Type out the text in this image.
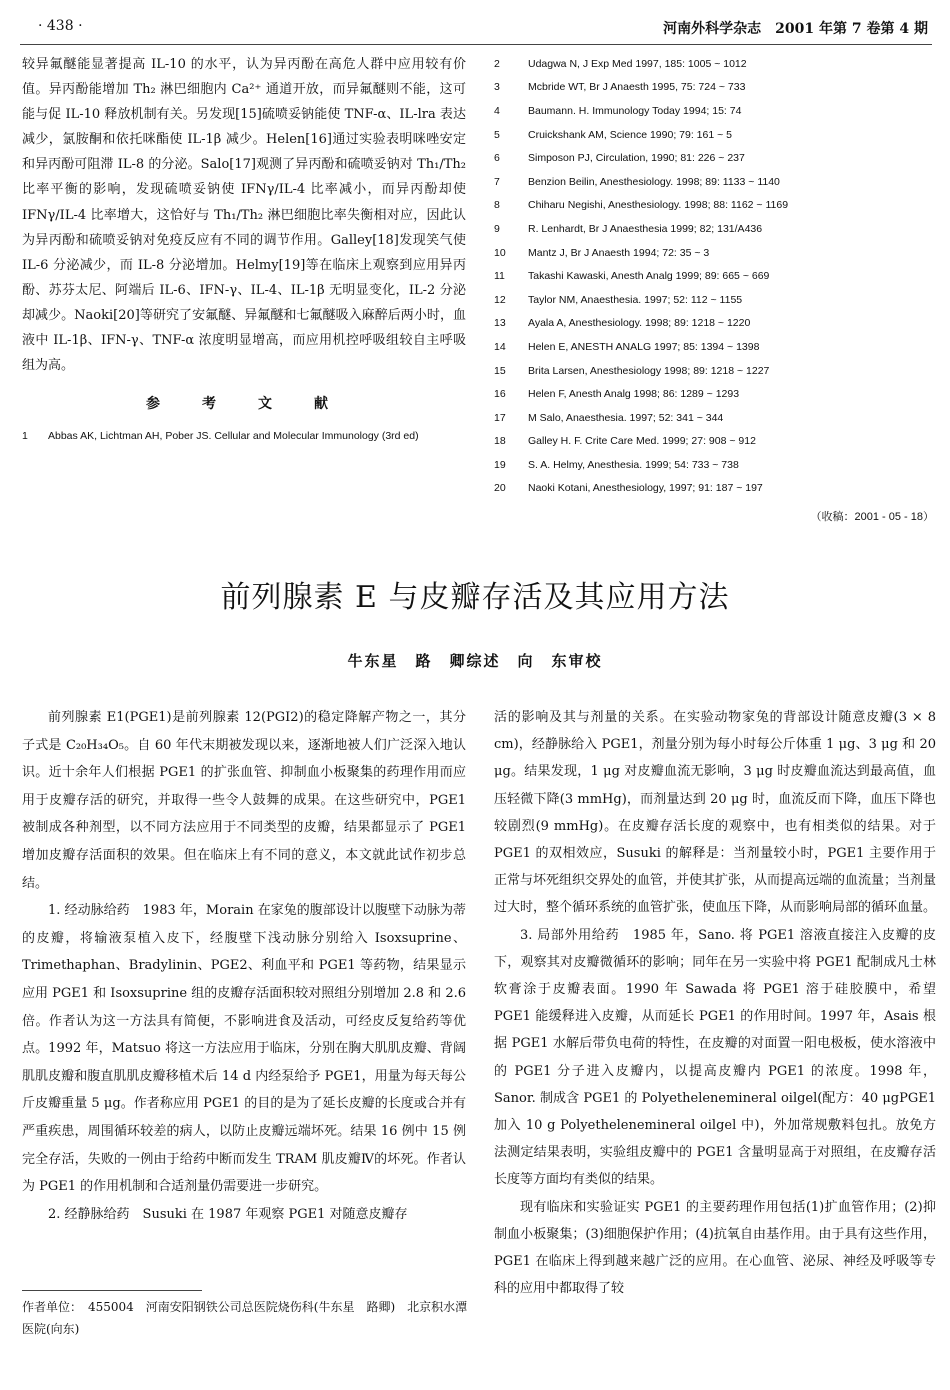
· 438 ·	河南外科学杂志　2001 年第 7 卷第 4 期

较异氟醚能显著提高 IL-10 的水平，认为异丙酚在高危人群中应用较有价值。异丙酚能增加 Th₂ 淋巴细胞内 Ca²⁺ 通道开放，而异氟醚则不能，这可能与促 IL-10 释放机制有关。另发现[15]硫喷妥钠能使 TNF-α、IL-lra 表达减少，氯胺酮和依托咪酯使 IL-1β 减少。Helen[16]通过实验表明咪唑安定和异丙酚可阻滞 IL-8 的分泌。Salo[17]观测了异丙酚和硫喷妥钠对 Th₁/Th₂ 比率平衡的影响，发现硫喷妥钠使 IFNγ/IL-4 比率减小，而异丙酚却使 IFNγ/IL-4 比率增大，这恰好与 Th₁/Th₂ 淋巴细胞比率失衡相对应，因此认为异丙酚和硫喷妥钠对免疫反应有不同的调节作用。Galley[18]发现笑气使 IL-6 分泌减少，而 IL-8 分泌增加。Helmy[19]等在临床上观察到应用异丙酚、苏芬太尼、阿端后 IL-6、IFN-γ、IL-4、IL-1β 无明显变化，IL-2 分泌却减少。Naoki[20]等研究了安氟醚、异氟醚和七氟醚吸入麻醉后两小时，血液中 IL-1β、IFN-γ、TNF-α 浓度明显增高，而应用机控呼吸组较自主呼吸组为高。

参　考　文　献
1	Abbas AK, Lichtman AH, Pober JS. Cellular and Molecular Immunology (3rd ed)
2	Udagwa N, J Exp Med 1997, 185: 1005 ~ 1012
3	Mcbride WT, Br J Anaesth 1995, 75: 724 ~ 733
4	Baumann. H. Immunology Today 1994; 15: 74
5	Cruickshank AM, Science 1990; 79: 161 ~ 5
6	Simposon PJ, Circulation, 1990; 81: 226 ~ 237
7	Benzion Beilin, Anesthesiology. 1998; 89: 1133 ~ 1140
8	Chiharu Negishi, Anesthesiology. 1998; 88: 1162 ~ 1169
9	R. Lenhardt, Br J Anaesthesia 1999; 82; 131/A436
10	Mantz J, Br J Anaesth 1994; 72: 35 ~ 3
11	Takashi Kawaski, Anesth Analg 1999; 89: 665 ~ 669
12	Taylor NM, Anaesthesia. 1997; 52: 112 ~ 1155
13	Ayala A, Anesthesiology. 1998; 89: 1218 ~ 1220
14	Helen E, ANESTH ANALG 1997; 85: 1394 ~ 1398
15	Brita Larsen, Anesthesiology 1998; 89: 1218 ~ 1227
16	Helen F, Anesth Analg 1998; 86: 1289 ~ 1293
17	M Salo, Anaesthesia. 1997; 52: 341 ~ 344
18	Galley H. F. Crite Care Med. 1999; 27: 908 ~ 912
19	S. A. Helmy, Anesthesia. 1999; 54: 733 ~ 738
20	Naoki Kotani, Anesthesiology, 1997; 91: 187 ~ 197
（收稿：2001 - 05 - 18）
前列腺素 E 与皮瓣存活及其应用方法
牛东星　路　卿综述　向　东审校

前列腺素 E1(PGE1)是前列腺素 12(PGI2)的稳定降解产物之一，其分子式是 C₂₀H₃₄O₅。自 60 年代末期被发现以来，逐渐地被人们广泛深入地认识。近十余年人们根据 PGE1 的扩张血管、抑制血小板聚集的药理作用而应用于皮瓣存活的研究，并取得一些令人鼓舞的成果。在这些研究中，PGE1 被制成各种剂型，以不同方法应用于不同类型的皮瓣，结果都显示了 PGE1 增加皮瓣存活面积的效果。但在临床上有不同的意义，本文就此试作初步总结。

1. 经动脉给药　1983 年，Morain 在家兔的腹部设计以腹壁下动脉为蒂的皮瓣，将输液泵植入皮下，经腹壁下浅动脉分别给入 Isoxsuprine、Trimethaphan、Bradylinin、PGE2、利血平和 PGE1 等药物，结果显示应用 PGE1 和 Isoxsuprine 组的皮瓣存活面积较对照组分别增加 2.8 和 2.6 倍。作者认为这一方法具有简便，不影响进食及活动，可经皮反复给药等优点。1992 年，Matsuo 将这一方法应用于临床，分别在胸大肌肌皮瓣、背阔肌肌皮瓣和腹直肌肌皮瓣移植术后 14 d 内经泵给予 PGE1，用量为每天每公斤皮瓣重量 5 μg。作者称应用 PGE1 的目的是为了延长皮瓣的长度或合并有严重疾患，周围循环较差的病人，以防止皮瓣远端坏死。结果 16 例中 15 例完全存活，失败的一例由于给药中断而发生 TRAM 肌皮瓣Ⅳ的坏死。作者认为 PGE1 的作用机制和合适剂量仍需要进一步研究。

2. 经静脉给药　Susuki 在 1987 年观察 PGE1 对随意皮瓣存

活的影响及其与剂量的关系。在实验动物家兔的背部设计随意皮瓣(3 × 8 cm)，经静脉给入 PGE1，剂量分别为每小时每公斤体重 1 μg、3 μg 和 20 μg。结果发现，1 μg 对皮瓣血流无影响，3 μg 时皮瓣血流达到最高值，血压轻微下降(3 mmHg)，而剂量达到 20 μg 时，血流反而下降，血压下降也较剧烈(9 mmHg)。在皮瓣存活长度的观察中，也有相类似的结果。对于 PGE1 的双相效应，Susuki 的解释是：当剂量较小时，PGE1 主要作用于正常与坏死组织交界处的血管，并使其扩张，从而提高远端的血流量；当剂量过大时，整个循环系统的血管扩张，使血压下降，从而影响局部的循环血量。

3. 局部外用给药　1985 年，Sano. 将 PGE1 溶液直接注入皮瓣的皮下，观察其对皮瓣微循环的影响；同年在另一实验中将 PGE1 配制成凡士林软膏涂于皮瓣表面。1990 年 Sawada 将 PGE1 溶于硅胶膜中，希望 PGE1 能缓释进入皮瓣，从而延长 PGE1 的作用时间。1997 年，Asais 根据 PGE1 水解后带负电荷的特性，在皮瓣的对面置一阳电极板，使水溶液中的 PGE1 分子进入皮瓣内，以提高皮瓣内 PGE1 的浓度。1998 年，Sanor. 制成含 PGE1 的 Polyethelenemineral oilgel(配方：40 μgPGE1 加入 10 g Polyethelenemineral oilgel 中)，外加常规敷料包扎。放免方法测定结果表明，实验组皮瓣中的 PGE1 含量明显高于对照组，在皮瓣存活长度等方面均有类似的结果。

现有临床和实验证实 PGE1 的主要药理作用包括(1)扩血管作用；(2)抑制血小板聚集；(3)细胞保护作用；(4)抗氧自由基作用。由于具有这些作用，PGE1 在临床上得到越来越广泛的应用。在心血管、泌尿、神经及呼吸等专科的应用中都取得了较

作者单位：　455004　河南安阳钢铁公司总医院烧伤科(牛东星　路卿)　北京积水潭医院(向东)
